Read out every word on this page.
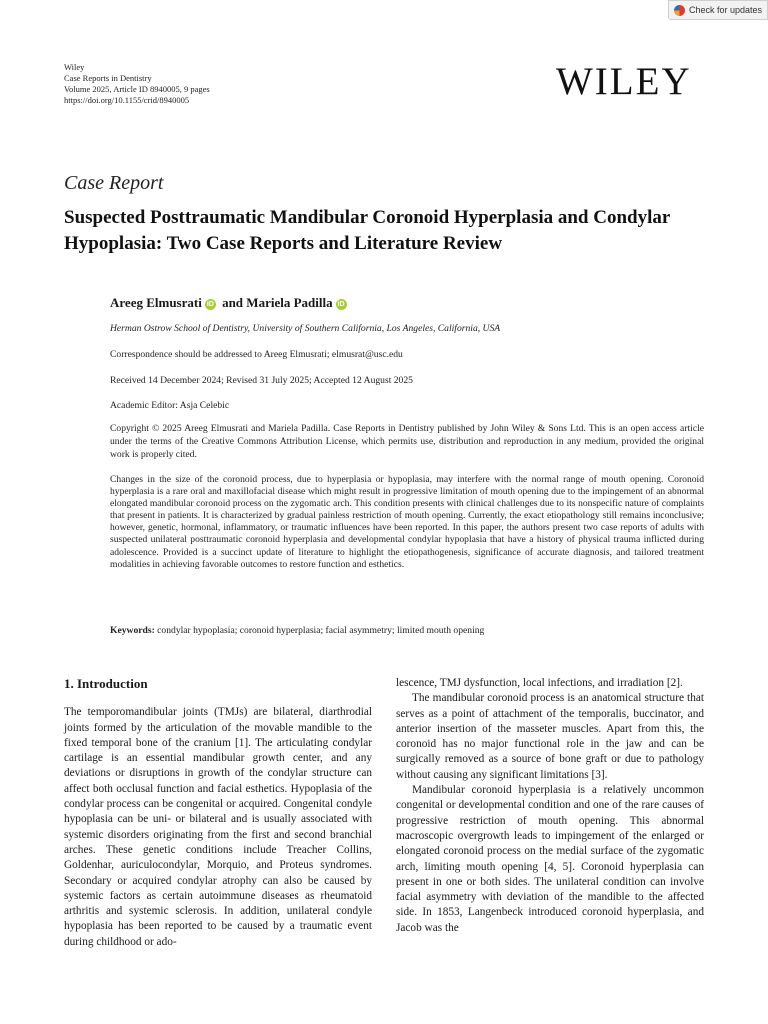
Check for updates
Wiley
Case Reports in Dentistry
Volume 2025, Article ID 8940005, 9 pages
https://doi.org/10.1155/crid/8940005	WILEY
Case Report
Suspected Posttraumatic Mandibular Coronoid Hyperplasia and Condylar Hypoplasia: Two Case Reports and Literature Review
Areeg Elmusrati iD and Mariela Padilla iD
Herman Ostrow School of Dentistry, University of Southern California, Los Angeles, California, USA
Correspondence should be addressed to Areeg Elmusrati; elmusrat@usc.edu
Received 14 December 2024; Revised 31 July 2025; Accepted 12 August 2025
Academic Editor: Asja Celebic
Copyright © 2025 Areeg Elmusrati and Mariela Padilla. Case Reports in Dentistry published by John Wiley & Sons Ltd. This is an open access article under the terms of the Creative Commons Attribution License, which permits use, distribution and reproduction in any medium, provided the original work is properly cited.
Changes in the size of the coronoid process, due to hyperplasia or hypoplasia, may interfere with the normal range of mouth opening. Coronoid hyperplasia is a rare oral and maxillofacial disease which might result in progressive limitation of mouth opening due to the impingement of an abnormal elongated mandibular coronoid process on the zygomatic arch. This condition presents with clinical challenges due to its nonspecific nature of complaints that present in patients. It is characterized by gradual painless restriction of mouth opening. Currently, the exact etiopathology still remains inconclusive; however, genetic, hormonal, inflammatory, or traumatic influences have been reported. In this paper, the authors present two case reports of adults with suspected unilateral posttraumatic coronoid hyperplasia and developmental condylar hypoplasia that have a history of physical trauma inflicted during adolescence. Provided is a succinct update of literature to highlight the etiopathogenesis, significance of accurate diagnosis, and tailored treatment modalities in achieving favorable outcomes to restore function and esthetics.
Keywords: condylar hypoplasia; coronoid hyperplasia; facial asymmetry; limited mouth opening
1. Introduction

The temporomandibular joints (TMJs) are bilateral, diarthrodial joints formed by the articulation of the movable mandible to the fixed temporal bone of the cranium [1]. The articulating condylar cartilage is an essential mandibular growth center, and any deviations or disruptions in growth of the condylar structure can affect both occlusal function and facial esthetics. Hypoplasia of the condylar process can be congenital or acquired. Congenital condyle hypoplasia can be uni- or bilateral and is usually associated with systemic disorders originating from the first and second branchial arches. These genetic conditions include Treacher Collins, Goldenhar, auriculocondylar, Morquio, and Proteus syndromes. Secondary or acquired condylar atrophy can also be caused by systemic factors as certain autoimmune diseases as rheumatoid arthritis and systemic sclerosis. In addition, unilateral condyle hypoplasia has been reported to be caused by a traumatic event during childhood or ado-

lescence, TMJ dysfunction, local infections, and irradiation [2].

The mandibular coronoid process is an anatomical structure that serves as a point of attachment of the temporalis, buccinator, and anterior insertion of the masseter muscles. Apart from this, the coronoid has no major functional role in the jaw and can be surgically removed as a source of bone graft or due to pathology without causing any significant limitations [3].

Mandibular coronoid hyperplasia is a relatively uncommon congenital or developmental condition and one of the rare causes of progressive restriction of mouth opening. This abnormal macroscopic overgrowth leads to impingement of the enlarged or elongated coronoid process on the medial surface of the zygomatic arch, limiting mouth opening [4, 5]. Coronoid hyperplasia can present in one or both sides. The unilateral condition can involve facial asymmetry with deviation of the mandible to the affected side. In 1853, Langenbeck introduced coronoid hyperplasia, and Jacob was the
